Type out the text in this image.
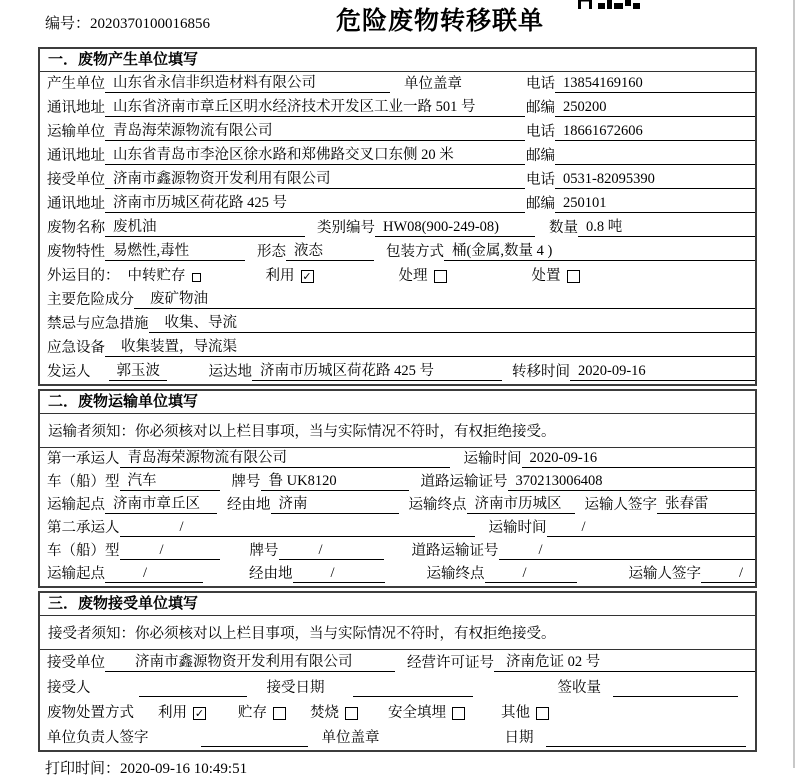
编号：2020370100016856	危险废物转移联单
一．废物产生单位填写
产生单位 山东省永信非织造材料有限公司	单位盖章	电话 13854169160
通讯地址 山东省济南市章丘区明水经济技术开发区工业一路 501 号	邮编 250200
运输单位 青岛海荣源物流有限公司	电话 18661672606
通讯地址 山东省青岛市李沧区徐水路和郑佛路交叉口东侧 20 米	邮编
接受单位 济南市鑫源物资开发利用有限公司	电话 0531-82095390
通讯地址 济南市历城区荷花路 425 号	邮编 250101
废物名称 废机油	类别编号 HW08(900-249-08)	数量 0.8 吨
废物特性 易燃性,毒性	形态 液态	包装方式 桶(金属,数量 4 )
外运目的： 中转贮存	利用 ✓	处理	处置
主要危险成分	废矿物油
禁忌与应急措施	收集、导流
应急设备	收集装置，导流渠
发运人	郭玉波	运达地 济南市历城区荷花路 425 号	转移时间 2020-09-16
二．废物运输单位填写
运输者须知：你必须核对以上栏目事项，当与实际情况不符时，有权拒绝接受。
第一承运人 青岛海荣源物流有限公司	运输时间 2020-09-16
车（船）型 汽车	牌号 鲁 UK8120	道路运输证号 370213006408
运输起点 济南市章丘区	经由地 济南	运输终点 济南市历城区	运输人签字 张春雷
第二承运人	/	运输时间	/
车（船）型	/	牌号	/	道路运输证号	/
运输起点	/	经由地	/	运输终点	/	运输人签字	/
三．废物接受单位填写
接受者须知：你必须核对以上栏目事项，当与实际情况不符时，有权拒绝接受。
接受单位	济南市鑫源物资开发利用有限公司	经营许可证号 济南危证 02 号
接受人	接受日期	签收量
废物处置方式 利用 ✓ 贮存	焚烧	安全填埋	其他
单位负责人签字	单位盖章	日期
打印时间：2020-09-16 10:49:51
